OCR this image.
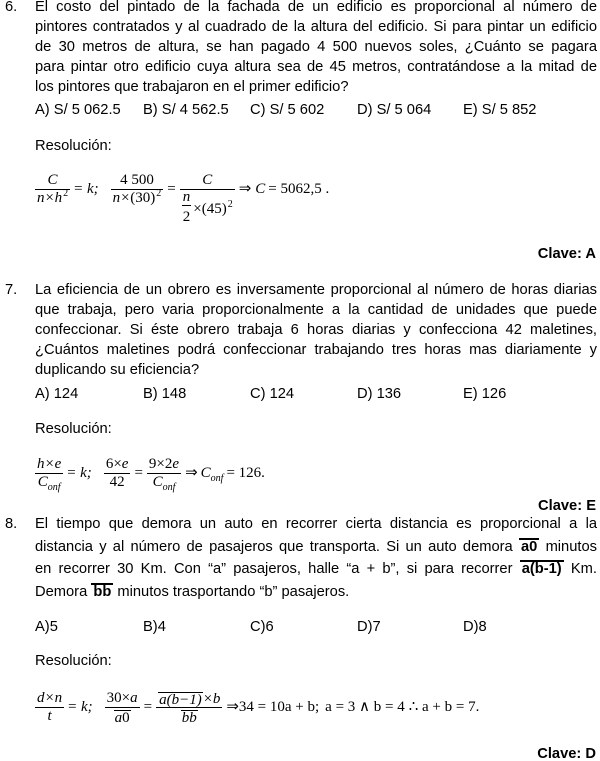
6. El costo del pintado de la fachada de un edificio es proporcional al número de
pintores contratados y al cuadrado de la altura del edificio. Si para pintar un edificio
de 30 metros de altura, se han pagado 4 500 nuevos soles, ¿Cuánto se pagara
para pintar otro edificio cuya altura sea de 45 metros, contratándose a la mitad de
los pintores que trabajaron en el primer edificio?
A) S/ 5 062.5 B) S/ 4 562.5 C) S/ 5 602 D) S/ 5 064 E) S/ 5 852
Resolución:
$\frac{C}{n\times h^2} = k$; $\frac{4 500}{n\times(30)^2} = \frac{C}{\frac{n}{2} \times(45)^2}$ ⇒ C = 5062,5 .
Clave: A
7. La eficiencia de un obrero es inversamente proporcional al número de horas diarias
que trabaja, pero varia proporcionalmente a la cantidad de unidades que puede
confeccionar. Si éste obrero trabaja 6 horas diarias y confecciona 42 maletines,
¿Cuántos maletines podrá confeccionar trabajando tres horas mas diariamente y
duplicando su eficiencia?
A) 124	B) 148	C) 124	D) 136	E) 126
Resolución:
$\frac{h\times e}{C_{onf}} = k$; $\frac{6\times e}{42} = \frac{9\times 2e}{C_{onf}}$ ⇒ $C_{onf} = 126$.
Clave: E
8. El tiempo que demora un auto en recorrer cierta distancia es proporcional a la
distancia y al número de pasajeros que transporta. Si un auto demora a0 minutos
en recorrer 30 Km. Con “a” pasajeros, halle “a + b”, si para recorrer a(b-1) Km.
Demora bb minutos trasportando “b” pasajeros.
A)5	B)4	C)6	D)7	D)8
Resolución:
$\frac{d\times n}{t} = k$; $\frac{30\times a}{a0} = \frac{a(b-1)\times b}{bb}$ ⇒ 34 = 10a + b; a = 3 ∧ b = 4 ∴ a + b = 7.
Clave: D
